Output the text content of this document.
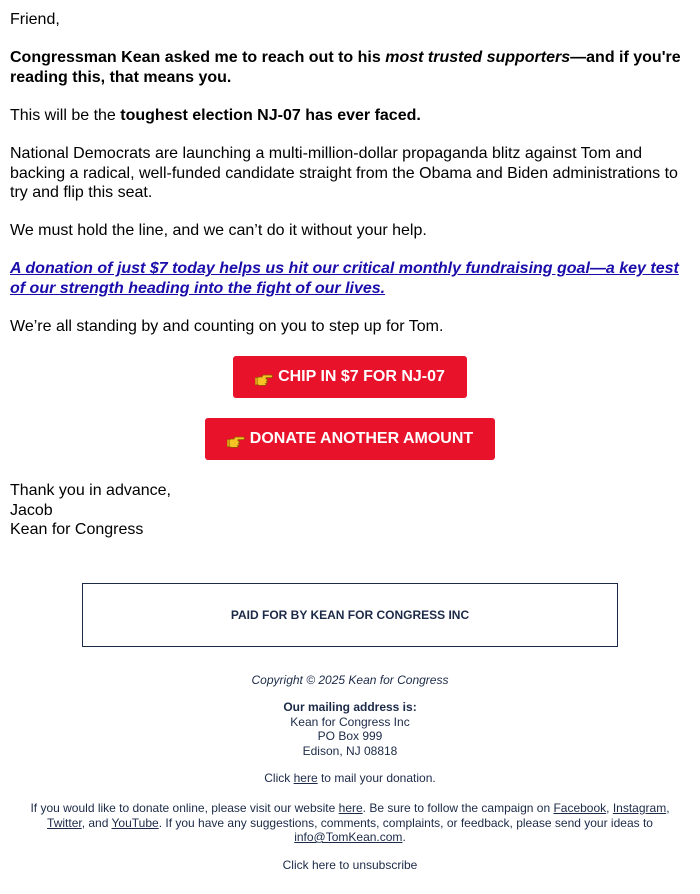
Friend,

Congressman Kean asked me to reach out to his most trusted supporters—and if you're reading this, that means you.

This will be the toughest election NJ-07 has ever faced.

National Democrats are launching a multi-million-dollar propaganda blitz against Tom and backing a radical, well-funded candidate straight from the Obama and Biden administrations to try and flip this seat.

We must hold the line, and we can’t do it without your help.

A donation of just $7 today helps us hit our critical monthly fundraising goal—a key test of our strength heading into the fight of our lives.

We’re all standing by and counting on you to step up for Tom.

CHIP IN $7 FOR NJ-07
DONATE ANOTHER AMOUNT
Thank you in advance,
Jacob
Kean for Congress
PAID FOR BY KEAN FOR CONGRESS INC
Copyright © 2025 Kean for Congress
Our mailing address is:
Kean for Congress Inc
PO Box 999
Edison, NJ 08818
Click here to mail your donation.
If you would like to donate online, please visit our website here. Be sure to follow the campaign on Facebook, Instagram, Twitter, and YouTube. If you have any suggestions, comments, complaints, or feedback, please send your ideas to info@TomKean.com.
Click here to unsubscribe
